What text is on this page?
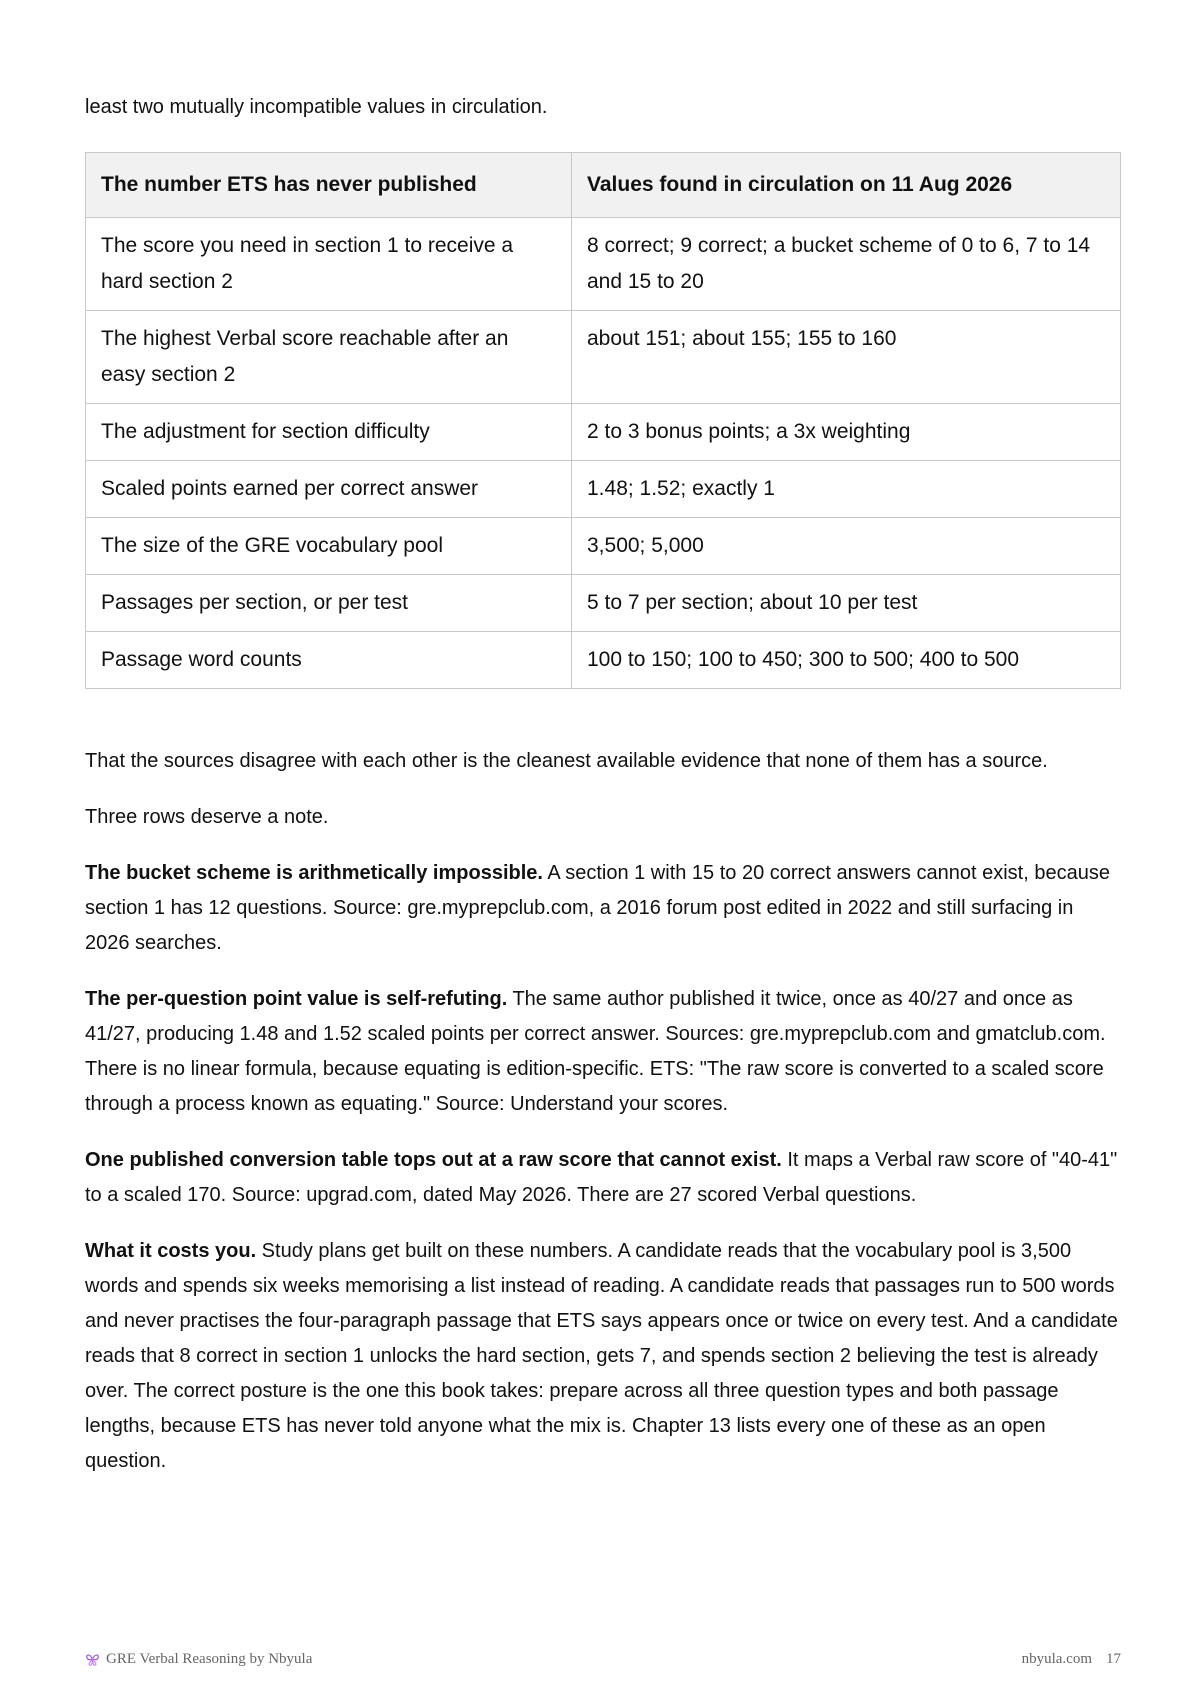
least two mutually incompatible values in circulation.

The number ETS has never published	Values found in circulation on 11 Aug 2026
The score you need in section 1 to receive a hard section 2	8 correct; 9 correct; a bucket scheme of 0 to 6, 7 to 14 and 15 to 20
The highest Verbal score reachable after an easy section 2	about 151; about 155; 155 to 160
The adjustment for section difficulty	2 to 3 bonus points; a 3x weighting
Scaled points earned per correct answer	1.48; 1.52; exactly 1
The size of the GRE vocabulary pool	3,500; 5,000
Passages per section, or per test	5 to 7 per section; about 10 per test
Passage word counts	100 to 150; 100 to 450; 300 to 500; 400 to 500

That the sources disagree with each other is the cleanest available evidence that none of them has a source.

Three rows deserve a note.

The bucket scheme is arithmetically impossible. A section 1 with 15 to 20 correct answers cannot exist, because section 1 has 12 questions. Source: gre.myprepclub.com, a 2016 forum post edited in 2022 and still surfacing in 2026 searches.

The per-question point value is self-refuting. The same author published it twice, once as 40/27 and once as 41/27, producing 1.48 and 1.52 scaled points per correct answer. Sources: gre.myprepclub.com and gmatclub.com. There is no linear formula, because equating is edition-specific. ETS: "The raw score is converted to a scaled score through a process known as equating." Source: Understand your scores.

One published conversion table tops out at a raw score that cannot exist. It maps a Verbal raw score of "40-41" to a scaled 170. Source: upgrad.com, dated May 2026. There are 27 scored Verbal questions.

What it costs you. Study plans get built on these numbers. A candidate reads that the vocabulary pool is 3,500 words and spends six weeks memorising a list instead of reading. A candidate reads that passages run to 500 words and never practises the four-paragraph passage that ETS says appears once or twice on every test. And a candidate reads that 8 correct in section 1 unlocks the hard section, gets 7, and spends section 2 believing the test is already over. The correct posture is the one this book takes: prepare across all three question types and both passage lengths, because ETS has never told anyone what the mix is. Chapter 13 lists every one of these as an open question.

GRE Verbal Reasoning by Nbyula	nbyula.com 17
